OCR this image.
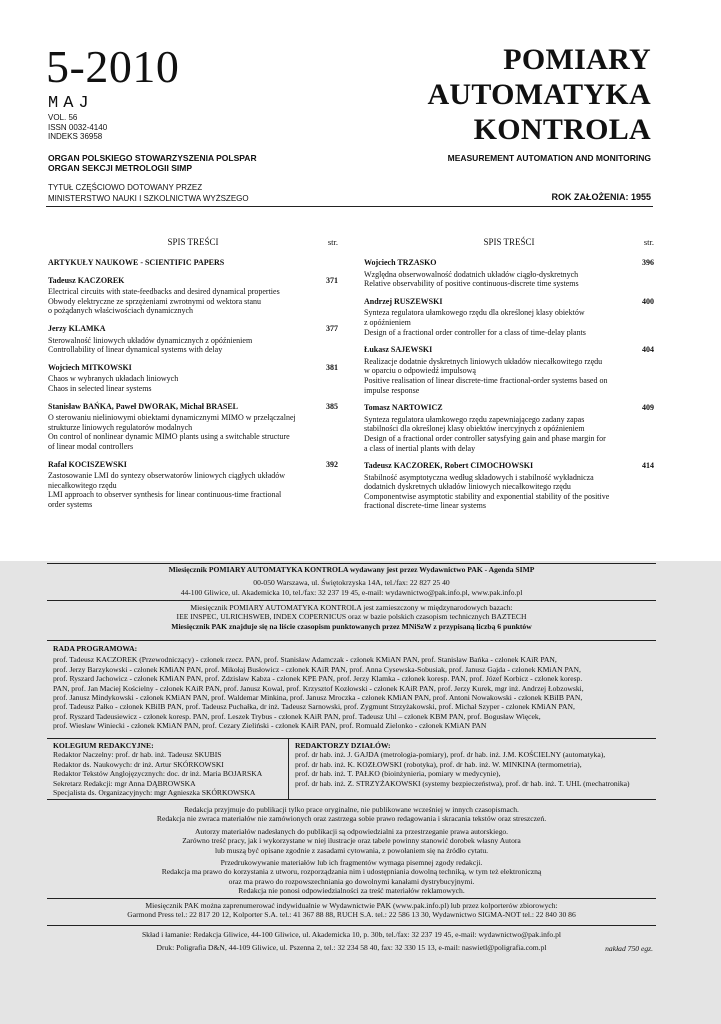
5-2010
MAJ
VOL. 56
ISSN 0032-4140
INDEKS 36958
POMIARY
AUTOMATYKA
KONTROLA
ORGAN POLSKIEGO STOWARZYSZENIA POLSPAR
ORGAN SEKCJI METROLOGII SIMP
MEASUREMENT AUTOMATION AND MONITORING
TYTUŁ CZĘŚCIOWO DOTOWANY PRZEZ
MINISTERSTWO NAUKI I SZKOLNICTWA WYŻSZEGO	ROK ZAŁOŻENIA: 1955
SPIS TREŚCI	str.
ARTYKUŁY NAUKOWE - SCIENTIFIC PAPERS
Tadeusz KACZOREK	371
Electrical circuits with state-feedbacks and desired dynamical properties
Obwody elektryczne ze sprzężeniami zwrotnymi od wektora stanu
o pożądanych właściwościach dynamicznych
Jerzy KLAMKA	377
Sterowalność liniowych układów dynamicznych z opóźnieniem
Controllability of linear dynamical systems with delay
Wojciech MITKOWSKI	381
Chaos w wybranych układach liniowych
Chaos in selected linear systems
Stanisław BAŃKA, Paweł DWORAK, Michał BRASEL	385
O sterowaniu nieliniowymi obiektami dynamicznymi MIMO w przełączalnej
strukturze liniowych regulatorów modalnych
On control of nonlinear dynamic MIMO plants using a switchable structure
of linear modal controllers
Rafał KOCISZEWSKI	392
Zastosowanie LMI do syntezy obserwatorów liniowych ciągłych układów
niecałkowitego rzędu
LMI approach to observer synthesis for linear continuous-time fractional
order systems
SPIS TREŚCI	str.
Wojciech TRZASKO	396
Względna obserwowalność dodatnich układów ciągło-dyskretnych
Relative observability of positive continuous-discrete time systems
Andrzej RUSZEWSKI	400
Synteza regulatora ułamkowego rzędu dla określonej klasy obiektów
z opóźnieniem
Design of a fractional order controller for a class of time-delay plants
Łukasz SAJEWSKI	404
Realizacje dodatnie dyskretnych liniowych układów niecałkowitego rzędu
w oparciu o odpowiedź impulsową
Positive realisation of linear discrete-time fractional-order systems based on
impulse response
Tomasz NARTOWICZ	409
Synteza regulatora ułamkowego rzędu zapewniającego zadany zapas
stabilności dla określonej klasy obiektów inercyjnych z opóźnieniem
Design of a fractional order controller satysfying gain and phase margin for
a class of inertial plants with delay
Tadeusz KACZOREK, Robert CIMOCHOWSKI	414
Stabilność asymptotyczna według składowych i stabilność wykładnicza
dodatnich dyskretnych układów liniowych niecałkowitego rzędu
Componentwise asymptotic stability and exponential stability of the positive
fractional discrete-time linear systems
Miesięcznik POMIARY AUTOMATYKA KONTROLA wydawany jest przez Wydawnictwo PAK - Agenda SIMP
00-050 Warszawa, ul. Świętokrzyska 14A, tel./fax: 22 827 25 40
44-100 Gliwice, ul. Akademicka 10, tel./fax: 32 237 19 45, e-mail: wydawnictwo@pak.info.pl, www.pak.info.pl
Miesięcznik POMIARY AUTOMATYKA KONTROLA jest zamieszczony w międzynarodowych bazach:
IEE INSPEC, ULRICHSWEB, INDEX COPERNICUS oraz w bazie polskich czasopism technicznych BAZTECH
Miesięcznik PAK znajduje się na liście czasopism punktowanych przez MNiSzW z przypisaną liczbą 6 punktów
RADA PROGRAMOWA:
prof. Tadeusz KACZOREK (Przewodniczący) - członek rzecz. PAN, prof. Stanisław Adamczak - członek KMiAN PAN, prof. Stanisław Bańka - członek KAiR PAN,
prof. Jerzy Barzykowski - członek KMiAN PAN, prof. Mikołaj Busłowicz - członek KAiR PAN, prof. Anna Cysewska-Sobusiak, prof. Janusz Gajda - członek KMiAN PAN,
prof. Ryszard Jachowicz - członek KMiAN PAN, prof. Zdzisław Kabza - członek KPE PAN, prof. Jerzy Klamka - członek koresp. PAN, prof. Józef Korbicz - członek koresp.
PAN, prof. Jan Maciej Kościelny - członek KAiR PAN, prof. Janusz Kowal, prof. Krzysztof Kozłowski - członek KAiR PAN, prof. Jerzy Kurek, mgr inż. Andrzej Łobzowski,
prof. Janusz Mindykowski - członek KMiAN PAN, prof. Waldemar Minkina, prof. Janusz Mroczka - członek KMiAN PAN, prof. Antoni Nowakowski - członek KBiIB PAN,
prof. Tadeusz Pałko - członek KBiIB PAN, prof. Tadeusz Puchałka, dr inż. Tadeusz Sarnowski, prof. Zygmunt Strzyżakowski, prof. Michał Szyper - członek KMiAN PAN,
prof. Ryszard Tadeusiewicz - członek koresp. PAN, prof. Leszek Trybus - członek KAiR PAN, prof. Tadeusz Uhl – członek KBM PAN, prof. Bogusław Więcek,
prof. Wiesław Winiecki - członek KMiAN PAN, prof. Cezary Zieliński - członek KAiR PAN, prof. Romuald Zielonko - członek KMiAN PAN
KOLEGIUM REDAKCYJNE:
Redaktor Naczelny: prof. dr hab. inż. Tadeusz SKUBIS
Redaktor ds. Naukowych: dr inż. Artur SKÓRKOWSKI
Redaktor Tekstów Anglojęzycznych: doc. dr inż. Maria BOJARSKA
Sekretarz Redakcji: mgr Anna DĄBROWSKA
Specjalista ds. Organizacyjnych: mgr Agnieszka SKÓRKOWSKA
REDAKTORZY DZIAŁÓW:
prof. dr hab. inż. J. GAJDA (metrologia-pomiary), prof. dr hab. inż. J.M. KOŚCIELNY (automatyka),
prof. dr hab. inż. K. KOZŁOWSKI (robotyka), prof. dr hab. inż. W. MINKINA (termometria),
prof. dr hab. inż. T. PAŁKO (bioinżynieria, pomiary w medycynie),
prof. dr hab. inż. Z. STRZYŻAKOWSKI (systemy bezpieczeństwa), prof. dr hab. inż. T. UHL (mechatronika)
Redakcja przyjmuje do publikacji tylko prace oryginalne, nie publikowane wcześniej w innych czasopismach.
Redakcja nie zwraca materiałów nie zamówionych oraz zastrzega sobie prawo redagowania i skracania tekstów oraz streszczeń.
Autorzy materiałów nadesłanych do publikacji są odpowiedzialni za przestrzeganie prawa autorskiego.
Zarówno treść pracy, jak i wykorzystane w niej ilustracje oraz tabele powinny stanowić dorobek własny Autora
lub muszą być opisane zgodnie z zasadami cytowania, z powołaniem się na źródło cytatu.
Przedrukowywanie materiałów lub ich fragmentów wymaga pisemnej zgody redakcji.
Redakcja ma prawo do korzystania z utworu, rozporządzania nim i udostępniania dowolną techniką, w tym też elektroniczną
oraz ma prawo do rozpowszechniania go dowolnymi kanałami dystrybucyjnymi.
Redakcja nie ponosi odpowiedzialności za treść materiałów reklamowych.
Miesięcznik PAK można zaprenumerować indywidualnie w Wydawnictwie PAK (www.pak.info.pl) lub przez kolporterów zbiorowych:
Garmond Press tel.: 22 817 20 12, Kolporter S.A. tel.: 41 367 88 88, RUCH S.A. tel.: 22 586 13 30, Wydawnictwo SIGMA-NOT tel.: 22 840 30 86
Skład i łamanie: Redakcja Gliwice, 44-100 Gliwice, ul. Akademicka 10, p. 30b, tel./fax: 32 237 19 45, e-mail: wydawnictwo@pak.info.pl
Druk: Poligrafia D&N, 44-109 Gliwice, ul. Pszenna 2, tel.: 32 234 58 40, fax: 32 330 15 13, e-mail: naswietl@poligrafia.com.pl	nakład 750 egz.
